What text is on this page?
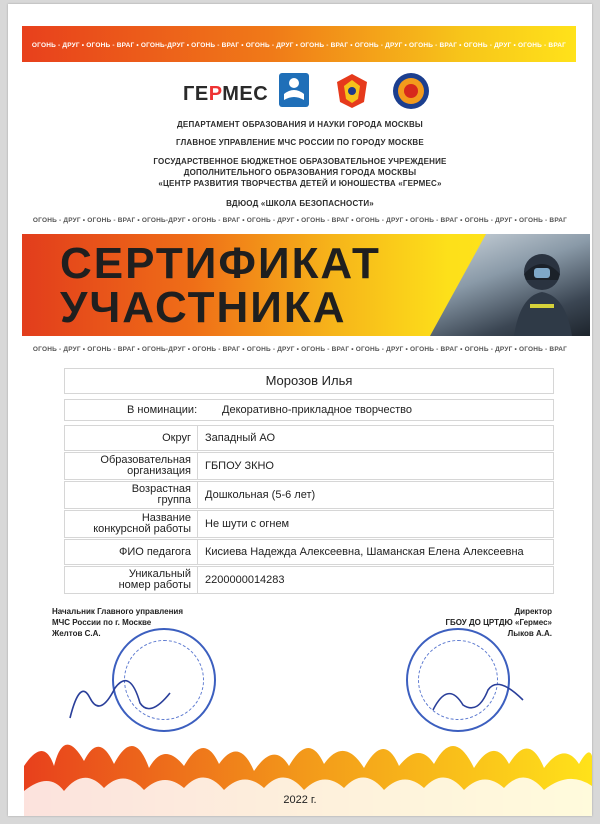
ОГОНЬ - ДРУГ • ОГОНЬ - ВРАГ • ОГОНЬ-ДРУГ • ОГОНЬ - ВРАГ • ОГОНЬ - ДРУГ • ОГОНЬ - ВРАГ • ОГОНЬ - ДРУГ • ОГОНЬ - ВРАГ • ОГОНЬ - ДРУГ • ОГОНЬ - ВРАГ
ГЕРМЕС
ДЕПАРТАМЕНТ ОБРАЗОВАНИЯ И НАУКИ ГОРОДА МОСКВЫ
ГЛАВНОЕ УПРАВЛЕНИЕ МЧС РОССИИ ПО ГОРОДУ МОСКВЕ
ГОСУДАРСТВЕННОЕ БЮДЖЕТНОЕ ОБРАЗОВАТЕЛЬНОЕ УЧРЕЖДЕНИЕ
ДОПОЛНИТЕЛЬНОГО ОБРАЗОВАНИЯ ГОРОДА МОСКВЫ
«ЦЕНТР РАЗВИТИЯ ТВОРЧЕСТВА ДЕТЕЙ И ЮНОШЕСТВА «ГЕРМЕС»
ВДЮОД «ШКОЛА БЕЗОПАСНОСТИ»
ОГОНЬ - ДРУГ • ОГОНЬ - ВРАГ • ОГОНЬ-ДРУГ • ОГОНЬ - ВРАГ • ОГОНЬ - ДРУГ • ОГОНЬ - ВРАГ • ОГОНЬ - ДРУГ • ОГОНЬ - ВРАГ • ОГОНЬ - ДРУГ • ОГОНЬ - ВРАГ
СЕРТИФИКАТ
УЧАСТНИКА
ОГОНЬ - ДРУГ • ОГОНЬ - ВРАГ • ОГОНЬ-ДРУГ • ОГОНЬ - ВРАГ • ОГОНЬ - ДРУГ • ОГОНЬ - ВРАГ • ОГОНЬ - ДРУГ • ОГОНЬ - ВРАГ • ОГОНЬ - ДРУГ • ОГОНЬ - ВРАГ
Морозов Илья
В номинации: Декоративно-прикладное творчество
Округ Западный АО
Образовательная
организация ГБПОУ ЗКНО
Возрастная
группа Дошкольная (5-6 лет)
Название
конкурсной работы Не шути с огнем
ФИО педагога Кисиева Надежда Алексеевна, Шаманская Елена Алексеевна
Уникальный
номер работы 2200000014283
Начальник Главного управления
МЧС России по г. Москве
Желтов С.А.
Директор
ГБОУ ДО ЦРТДЮ «Гермес»
Лыков А.А.
2022 г.
